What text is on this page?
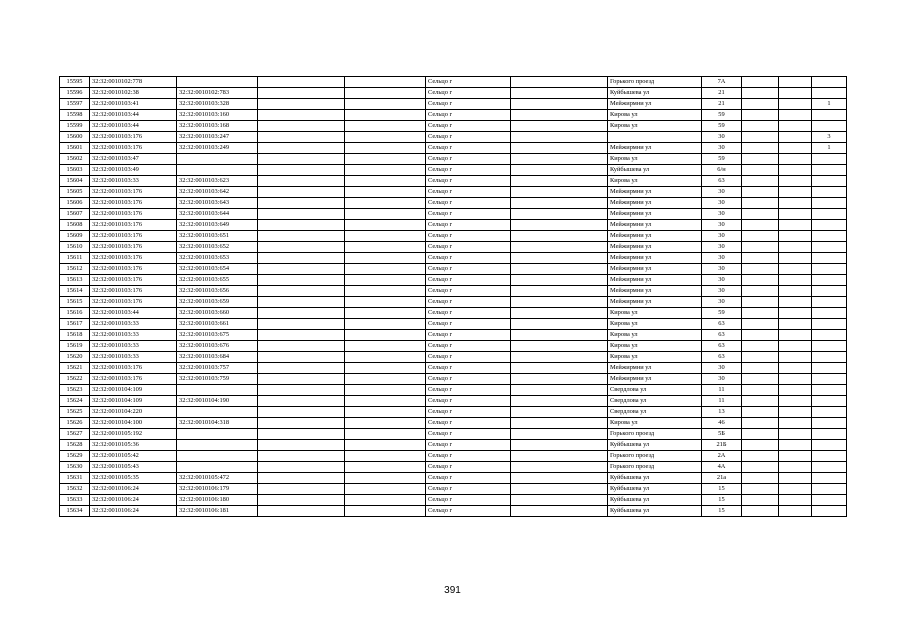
15595	32:32:0010102:778				Сельцо г		Горького проезд	7А			
15596	32:32:0010102:38	32:32:0010102:783			Сельцо г		Куйбышева ул	21			
15597	32:32:0010103:41	32:32:0010103:328			Сельцо г		Мейжирмни ул	21			1
15598	32:32:0010103:44	32:32:0010103:160			Сельцо г		Кирова ул	59			
15599	32:32:0010103:44	32:32:0010103:168			Сельцо г		Кирова ул	59			
15600	32:32:0010103:176	32:32:0010103:247			Сельцо г			30			3
15601	32:32:0010103:176	32:32:0010103:249			Сельцо г		Мейжирмни ул	30			1
15602	32:32:0010103:47				Сельцо г		Кирова ул	59			
15603	32:32:0010103:49				Сельцо г		Куйбышева ул	6/н			
15604	32:32:0010103:33	32:32:0010103:623			Сельцо г		Кирова ул	63			
15605	32:32:0010103:176	32:32:0010103:642			Сельцо г		Мейжирмни ул	30			
15606	32:32:0010103:176	32:32:0010103:643			Сельцо г		Мейжирмни ул	30			
15607	32:32:0010103:176	32:32:0010103:644			Сельцо г		Мейжирмни ул	30			
15608	32:32:0010103:176	32:32:0010103:649			Сельцо г		Мейжирмни ул	30			
15609	32:32:0010103:176	32:32:0010103:651			Сельцо г		Мейжирмни ул	30			
15610	32:32:0010103:176	32:32:0010103:652			Сельцо г		Мейжирмни ул	30			
15611	32:32:0010103:176	32:32:0010103:653			Сельцо г		Мейжирмни ул	30			
15612	32:32:0010103:176	32:32:0010103:654			Сельцо г		Мейжирмни ул	30			
15613	32:32:0010103:176	32:32:0010103:655			Сельцо г		Мейжирмни ул	30			
15614	32:32:0010103:176	32:32:0010103:656			Сельцо г		Мейжирмни ул	30			
15615	32:32:0010103:176	32:32:0010103:659			Сельцо г		Мейжирмни ул	30			
15616	32:32:0010103:44	32:32:0010103:660			Сельцо г		Кирова ул	59			
15617	32:32:0010103:33	32:32:0010103:661			Сельцо г		Кирова ул	63			
15618	32:32:0010103:33	32:32:0010103:675			Сельцо г		Кирова ул	63			
15619	32:32:0010103:33	32:32:0010103:676			Сельцо г		Кирова ул	63			
15620	32:32:0010103:33	32:32:0010103:684			Сельцо г		Кирова ул	63			
15621	32:32:0010103:176	32:32:0010103:757			Сельцо г		Мейжирмни ул	30			
15622	32:32:0010103:176	32:32:0010103:759			Сельцо г		Мейжирмни ул	30			
15623	32:32:0010104:109				Сельцо г		Свердлова ул	11			
15624	32:32:0010104:109	32:32:0010104:190			Сельцо г		Свердлова ул	11			
15625	32:32:0010104:220				Сельцо г		Свердлова ул	13			
15626	32:32:0010104:100	32:32:0010104:318			Сельцо г		Кирова ул	46			
15627	32:32:0010105:192				Сельцо г		Горького проезд	5Б			
15628	32:32:0010105:36				Сельцо г		Куйбышева ул	21Б			
15629	32:32:0010105:42				Сельцо г		Горького проезд	2А			
15630	32:32:0010105:43				Сельцо г		Горького проезд	4А			
15631	32:32:0010105:35	32:32:0010105:472			Сельцо г		Куйбышева ул	21а			
15632	32:32:0010106:24	32:32:0010106:179			Сельцо г		Куйбышева ул	15			
15633	32:32:0010106:24	32:32:0010106:180			Сельцо г		Куйбышева ул	15			
15634	32:32:0010106:24	32:32:0010106:181			Сельцо г		Куйбышева ул	15			
391
